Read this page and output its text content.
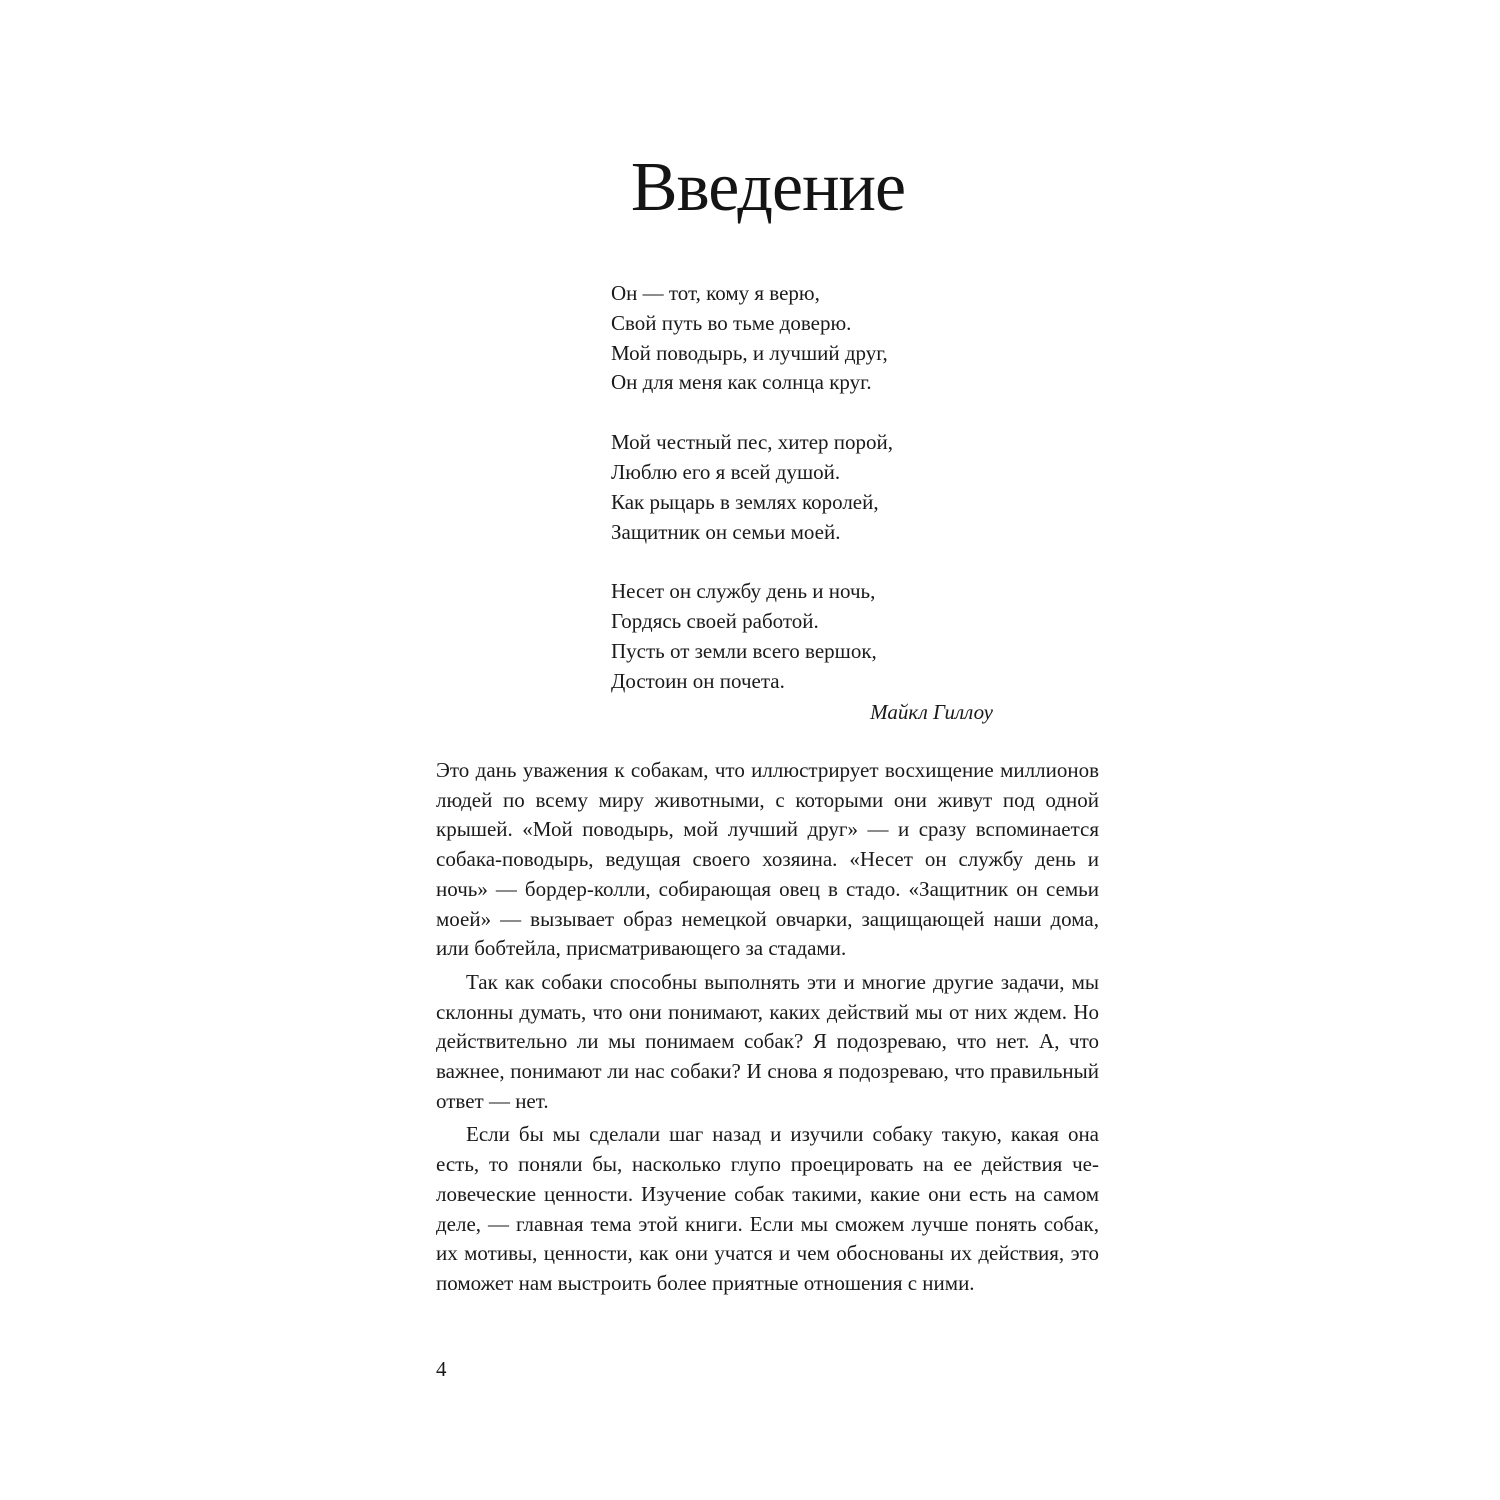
Введение
Он — тот, кому я верю,
Свой путь во тьме доверю.
Мой поводырь, и лучший друг,
Он для меня как солнца круг.
Мой честный пес, хитер порой,
Люблю его я всей душой.
Как рыцарь в землях королей,
Защитник он семьи моей.
Несет он службу день и ночь,
Гордясь своей работой.
Пусть от земли всего вершок,
Достоин он почета.
Майкл Гиллоу

Это дань уважения к собакам, что иллюстрирует восхищение миллионов людей по всему миру животными, с которыми они живут под одной крышей. «Мой поводырь, мой лучший друг» — и сразу вспоминается собака-поводырь, ведущая своего хозяина. «Несет он службу день и ночь» — бордер-колли, собирающая овец в стадо. «Защитник он семьи моей» — вызывает образ немецкой овчарки, защищающей наши дома, или бобтейла, присматривающего за стадами.

Так как собаки способны выполнять эти и многие другие задачи, мы склонны думать, что они понимают, каких действий мы от них ждем. Но действительно ли мы понимаем собак? Я подозреваю, что нет. А, что важнее, понимают ли нас собаки? И снова я подозреваю, что правильный ответ — нет.

Если бы мы сделали шаг назад и изучили собаку такую, какая она есть, то поняли бы, насколько глупо проецировать на ее действия человеческие ценности. Изучение собак такими, какие они есть на самом деле, — главная тема этой книги. Если мы сможем лучше понять собак, их мотивы, ценности, как они учатся и чем обоснованы их действия, это поможет нам выстроить более приятные отношения с ними.

4
